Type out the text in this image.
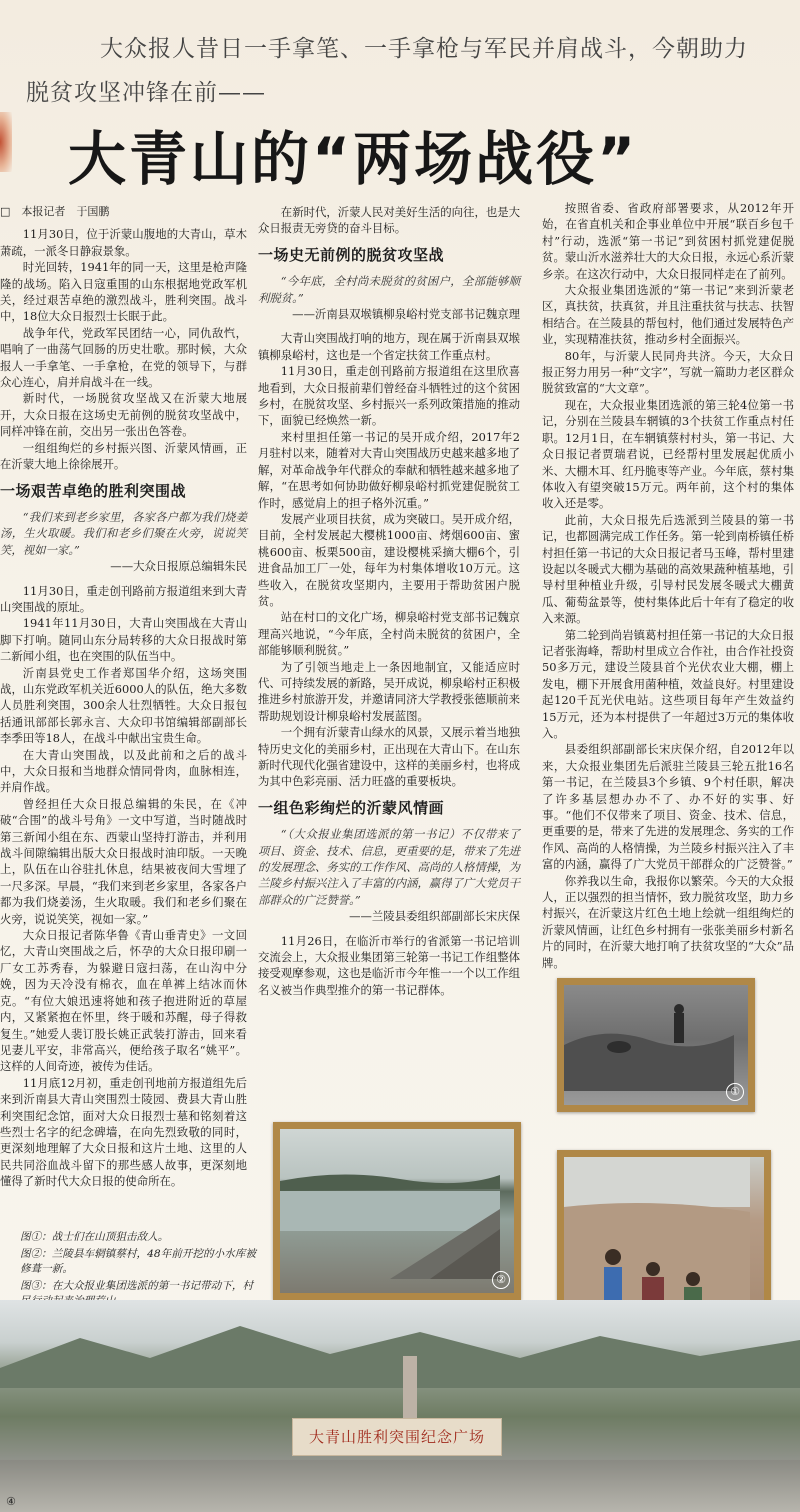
大众报人昔日一手拿笔、一手拿枪与军民并肩战斗，今朝助力
脱贫攻坚冲锋在前——
大青山的“两场战役”

□　本报记者　于国鹏

11月30日，位于沂蒙山腹地的大青山，草木萧疏，一派冬日静寂景象。

时光回转，1941年的同一天，这里是枪声隆隆的战场。陷入日寇重围的山东根据地党政军机关，经过艰苦卓绝的激烈战斗，胜利突围。战斗中，18位大众日报烈士长眠于此。

战争年代，党政军民团结一心，同仇敌忾，唱响了一曲荡气回肠的历史壮歌。那时候，大众报人一手拿笔、一手拿枪，在党的领导下，与群众心连心，肩并肩战斗在一线。

新时代，一场脱贫攻坚战又在沂蒙大地展开，大众日报在这场史无前例的脱贫攻坚战中，同样冲锋在前，交出另一张出色答卷。

一组组绚烂的乡村振兴图、沂蒙风情画，正在沂蒙大地上徐徐展开。

一场艰苦卓绝的胜利突围战

“我们来到老乡家里，各家各户都为我们烧姜汤，生火取暖。我们和老乡们聚在火旁，说说笑笑，视如一家。”

——大众日报原总编辑朱民

11月30日，重走创刊路前方报道组来到大青山突围战的原址。

1941年11月30日，大青山突围战在大青山脚下打响。随同山东分局转移的大众日报战时第二新闻小组，也在突围的队伍当中。

沂南县党史工作者郑国华介绍，这场突围战，山东党政军机关近6000人的队伍，绝大多数人员胜利突围，300余人壮烈牺牲。大众日报包括通讯部部长郭永言、大众印书馆编辑部副部长李季田等18人，在战斗中献出宝贵生命。

在大青山突围战，以及此前和之后的战斗中，大众日报和当地群众情同骨肉，血脉相连，并肩作战。

曾经担任大众日报总编辑的朱民，在《冲破“合围”的战斗号角》一文中写道，当时随战时第三新闻小组在东、西蒙山坚持打游击，并利用战斗间隙编辑出版大众日报战时油印版。一天晚上，队伍在山谷驻扎休息，结果被夜间大雪埋了一尺多深。早晨，“我们来到老乡家里，各家各户都为我们烧姜汤，生火取暖。我们和老乡们聚在火旁，说说笑笑，视如一家。”

大众日报记者陈华鲁《青山垂青史》一文回忆，大青山突围战之后，怀孕的大众日报印刷一厂女工苏秀春，为躲避日寇扫荡，在山沟中分娩，因为天冷没有棉衣，血在单裤上结冰而休克。“有位大娘迅速将她和孩子抱进附近的草屋内，又紧紧抱在怀里，终于暖和苏醒，母子得救复生。”她爱人裴订股长姚正武装打游击，回来看见妻儿平安，非常高兴，便给孩子取名“姚平”。这样的人间奇迹，被传为佳话。

11月底12月初，重走创刊地前方报道组先后来到沂南县大青山突围烈士陵园、费县大青山胜利突围纪念馆，面对大众日报烈士墓和铭刻着这些烈士名字的纪念碑墙，在向先烈致敬的同时，更深刻地理解了大众日报和这片土地、这里的人民共同浴血战斗留下的那些感人故事，更深刻地懂得了新时代大众日报的使命所在。

在新时代，沂蒙人民对美好生活的向往，也是大众日报责无旁贷的奋斗目标。

一场史无前例的脱贫攻坚战

“今年底，全村尚未脱贫的贫困户，全部能够顺利脱贫。”

——沂南县双堠镇柳泉峪村党支部书记魏京理

大青山突围战打响的地方，现在属于沂南县双堠镇柳泉峪村，这也是一个省定扶贫工作重点村。

11月30日，重走创刊路前方报道组在这里欣喜地看到，大众日报前辈们曾经奋斗牺牲过的这个贫困乡村，在脱贫攻坚、乡村振兴一系列政策措施的推动下，面貌已经焕然一新。

来村里担任第一书记的吴开成介绍，2017年2月驻村以来，随着对大青山突围战历史越来越多地了解，对革命战争年代群众的奉献和牺牲越来越多地了解，“在思考如何协助做好柳泉峪村抓党建促脱贫工作时，感觉肩上的担子格外沉重。”

发展产业项目扶贫，成为突破口。吴开成介绍，目前，全村发展起大樱桃1000亩、烤烟600亩、蜜桃600亩、板栗500亩，建设樱桃采摘大棚6个，引进食品加工厂一处，每年为村集体增收10万元。这些收入，在脱贫攻坚期内，主要用于帮助贫困户脱贫。

站在村口的文化广场，柳泉峪村党支部书记魏京理高兴地说，“今年底，全村尚未脱贫的贫困户，全部能够顺利脱贫。”

为了引领当地走上一条因地制宜，又能适应时代、可持续发展的新路，吴开成说，柳泉峪村正积极推进乡村旅游开发，并邀请同济大学教授张德顺前来帮助规划设计柳泉峪村发展蓝图。

一个拥有沂蒙青山绿水的风景，又展示着当地独特历史文化的美丽乡村，正出现在大青山下。在山东新时代现代化强省建设中，这样的美丽乡村，也将成为其中色彩亮丽、活力旺盛的重要板块。

一组色彩绚烂的沂蒙风情画

“（大众报业集团选派的第一书记）不仅带来了项目、资金、技术、信息，更重要的是，带来了先进的发展理念、务实的工作作风、高尚的人格情操，为兰陵乡村振兴注入了丰富的内涵，赢得了广大党员干部群众的广泛赞誉。”

——兰陵县委组织部副部长宋庆保

11月26日，在临沂市举行的省派第一书记培训交流会上，大众报业集团第三轮第一书记工作组整体接受观摩参观，这也是临沂市今年惟一一个以工作组名义被当作典型推介的第一书记群体。

按照省委、省政府部署要求，从2012年开始，在省直机关和企事业单位中开展“联百乡包千村”行动，选派“第一书记”到贫困村抓党建促脱贫。蒙山沂水滋养壮大的大众日报，永远心系沂蒙乡亲。在这次行动中，大众日报同样走在了前列。

大众报业集团选派的“第一书记”来到沂蒙老区，真扶贫，扶真贫，并且注重扶贫与扶志、扶智相结合。在兰陵县的帮包村，他们通过发展特色产业，实现精准扶贫，推动乡村全面振兴。

80年，与沂蒙人民同舟共济。今天，大众日报正努力用另一种“文字”，写就一篇助力老区群众脱贫致富的“大文章”。

现在，大众报业集团选派的第三轮4位第一书记，分别在兰陵县车辋镇的3个扶贫工作重点村任职。12月1日，在车辋镇蔡村村头，第一书记、大众日报记者贾瑞君说，已经帮村里发展起优质小米、大棚木耳、红丹脆枣等产业。今年底，蔡村集体收入有望突破15万元。两年前，这个村的集体收入还是零。

此前，大众日报先后选派到兰陵县的第一书记，也都圆满完成工作任务。第一轮到南桥镇任桥村担任第一书记的大众日报记者马玉峰，帮村里建设起以冬暖式大棚为基础的高效果蔬种植基地，引导村里种植业升级，引导村民发展冬暖式大棚黄瓜、葡萄盆景等，使村集体此后十年有了稳定的收入来源。

第二轮到尚岩镇葛村担任第一书记的大众日报记者张海峰，帮助村里成立合作社，由合作社投资50多万元，建设兰陵县首个光伏农业大棚，棚上发电，棚下开展食用菌种植，效益良好。村里建设起120千瓦光伏电站。这些项目每年产生效益约15万元，还为本村提供了一年超过3万元的集体收入。

县委组织部副部长宋庆保介绍，自2012年以来，大众报业集团先后派驻兰陵县三轮五批16名第一书记，在兰陵县3个乡镇、9个村任职，解决了许多基层想办办不了、办不好的实事、好事。“他们不仅带来了项目、资金、技术、信息，更重要的是，带来了先进的发展理念、务实的工作作风、高尚的人格情操，为兰陵乡村振兴注入了丰富的内涵，赢得了广大党员干部群众的广泛赞誉。”

你养我以生命，我报你以繁荣。今天的大众报人，正以强烈的担当情怀，致力脱贫攻坚，助力乡村振兴，在沂蒙这片红色土地上绘就一组组绚烂的沂蒙风情画，让红色乡村拥有一张张美丽乡村新名片的同时，在沂蒙大地打响了扶贫攻坚的“大众”品牌。

①
②
图①：战士们在山顶狙击敌人。
图②：兰陵县车辋镇蔡村，48年前开挖的小水库被修葺一新。
图③：在大众报业集团选派的第一书记带动下，村
大青山胜利突围纪念广场
④
